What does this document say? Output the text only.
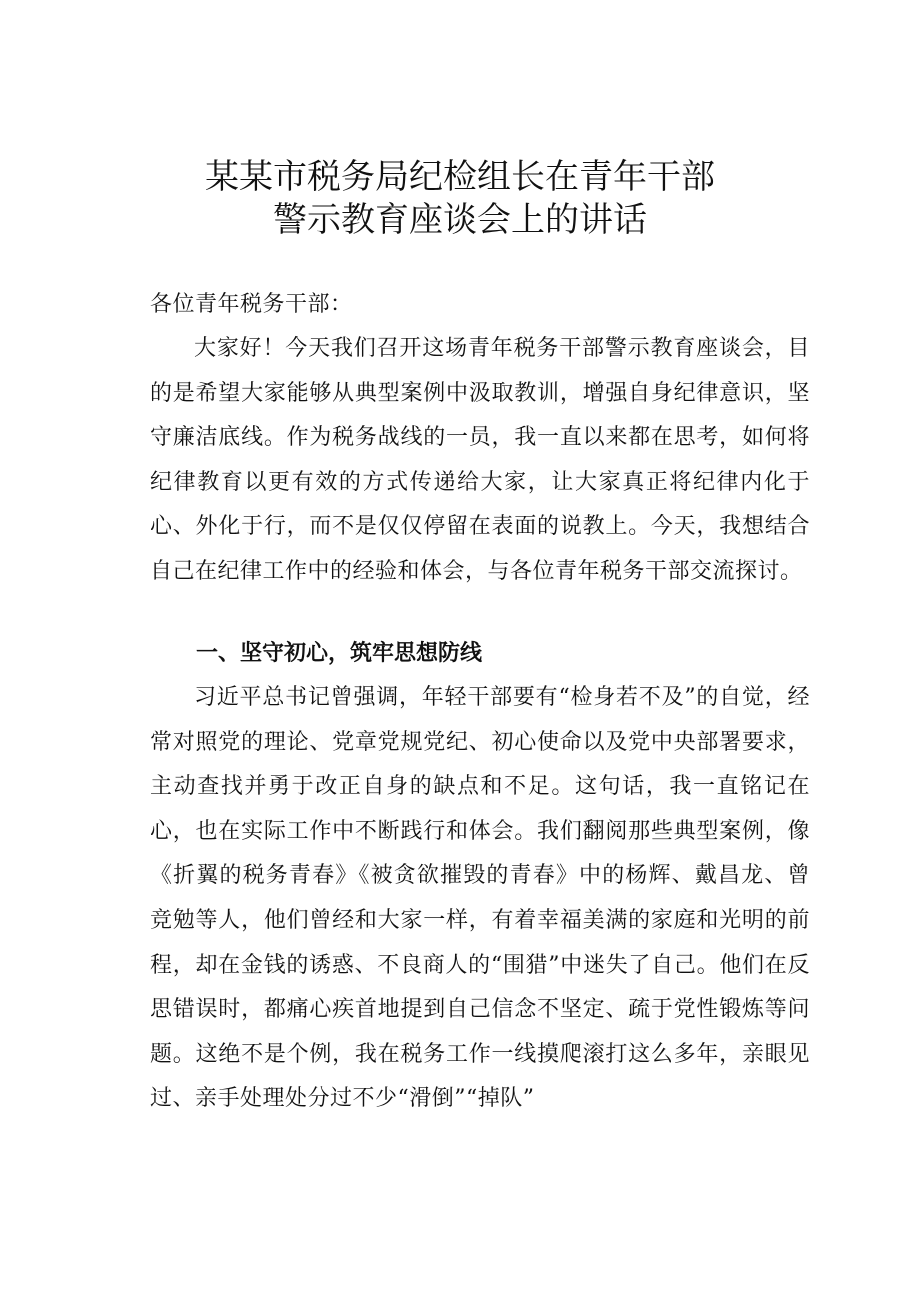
某某市税务局纪检组长在青年干部
警示教育座谈会上的讲话

各位青年税务干部：

大家好！今天我们召开这场青年税务干部警示教育座谈会，目的是希望大家能够从典型案例中汲取教训，增强自身纪律意识，坚守廉洁底线。作为税务战线的一员，我一直以来都在思考，如何将纪律教育以更有效的方式传递给大家，让大家真正将纪律内化于心、外化于行，而不是仅仅停留在表面的说教上。今天，我想结合自己在纪律工作中的经验和体会，与各位青年税务干部交流探讨。

一、坚守初心，筑牢思想防线

习近平总书记曾强调，年轻干部要有“检身若不及”的自觉，经常对照党的理论、党章党规党纪、初心使命以及党中央部署要求，主动查找并勇于改正自身的缺点和不足。这句话，我一直铭记在心，也在实际工作中不断践行和体会。我们翻阅那些典型案例，像《折翼的税务青春》《被贪欲摧毁的青春》中的杨辉、戴昌龙、曾竞勉等人，他们曾经和大家一样，有着幸福美满的家庭和光明的前程，却在金钱的诱惑、不良商人的“围猎”中迷失了自己。他们在反思错误时，都痛心疾首地提到自己信念不坚定、疏于党性锻炼等问题。这绝不是个例，我在税务工作一线摸爬滚打这么多年，亲眼见过、亲手处理处分过不少“滑倒”“掉队”
